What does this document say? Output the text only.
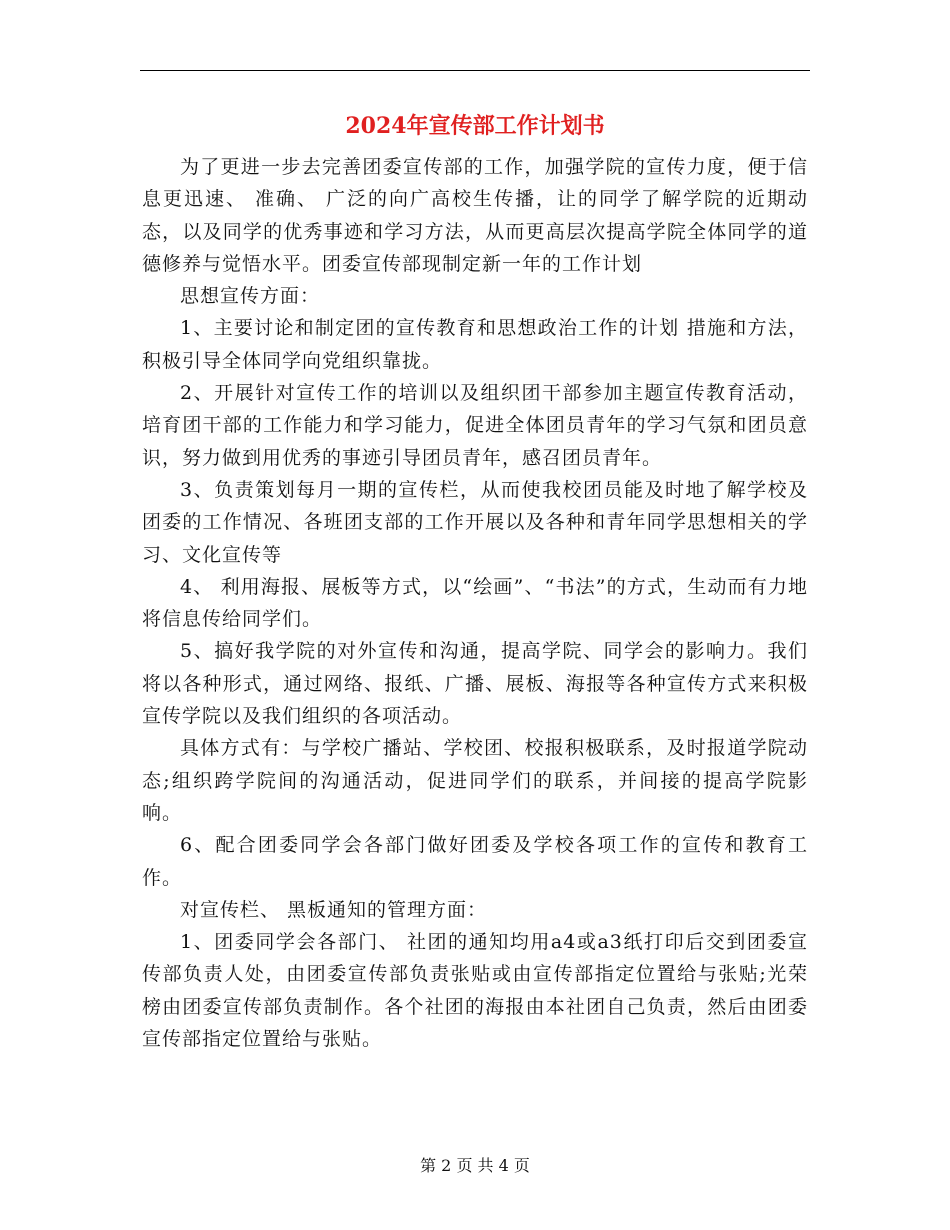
2024年宣传部工作计划书

为了更进一步去完善团委宣传部的工作，加强学院的宣传力度，便于信息更迅速、 准确、 广泛的向广高校生传播，让的同学了解学院的近期动态，以及同学的优秀事迹和学习方法，从而更高层次提高学院全体同学的道德修养与觉悟水平。团委宣传部现制定新一年的工作计划

思想宣传方面：

1、主要讨论和制定团的宣传教育和思想政治工作的计划 措施和方法，积极引导全体同学向党组织靠拢。

2、开展针对宣传工作的培训以及组织团干部参加主题宣传教育活动，培育团干部的工作能力和学习能力，促进全体团员青年的学习气氛和团员意识，努力做到用优秀的事迹引导团员青年，感召团员青年。

3、负责策划每月一期的宣传栏，从而使我校团员能及时地了解学校及团委的工作情况、各班团支部的工作开展以及各种和青年同学思想相关的学习、文化宣传等

4、 利用海报、展板等方式，以“绘画”、“书法”的方式，生动而有力地将信息传给同学们。

5、搞好我学院的对外宣传和沟通，提高学院、同学会的影响力。我们将以各种形式，通过网络、报纸、广播、展板、海报等各种宣传方式来积极宣传学院以及我们组织的各项活动。

具体方式有：与学校广播站、学校团、校报积极联系，及时报道学院动态;组织跨学院间的沟通活动，促进同学们的联系，并间接的提高学院影响。

6、配合团委同学会各部门做好团委及学校各项工作的宣传和教育工作。

对宣传栏、 黑板通知的管理方面：

1、团委同学会各部门、 社团的通知均用a4或a3纸打印后交到团委宣传部负责人处，由团委宣传部负责张贴或由宣传部指定位置给与张贴;光荣榜由团委宣传部负责制作。各个社团的海报由本社团自己负责，然后由团委宣传部指定位置给与张贴。

第 2 页 共 4 页
